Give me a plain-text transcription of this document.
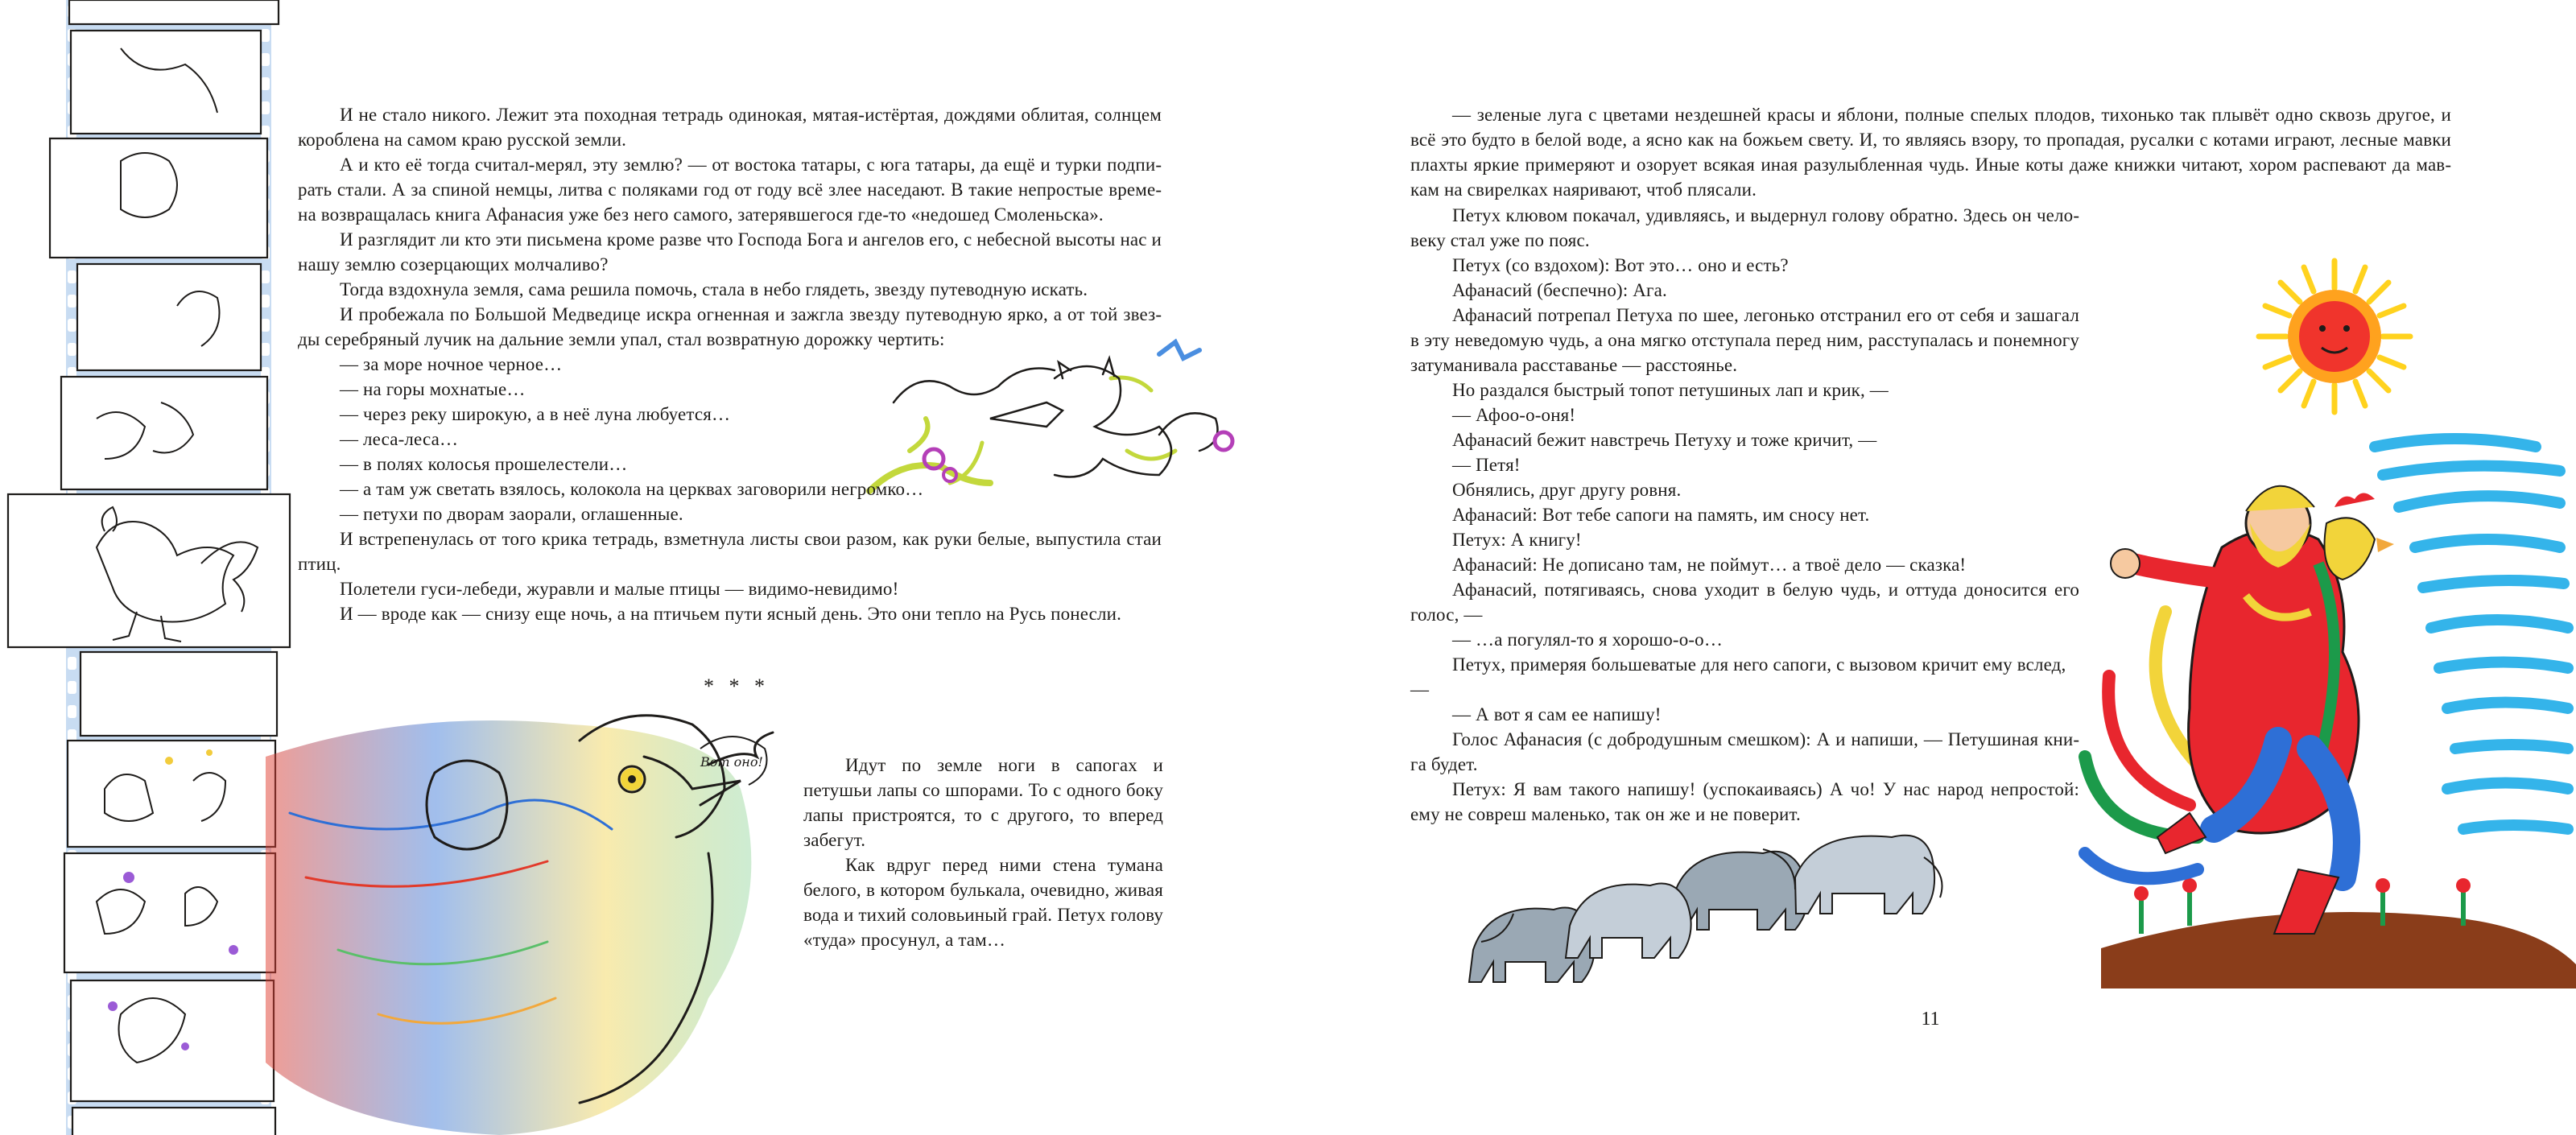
Вот оно!

И не стало никого. Лежит эта походная тетрадь одинокая, мятая-истёртая, дождями облитая, солнцем короблена на самом краю русской земли.

А и кто её тогда считал-мерял, эту землю? — от востока татары, с юга татары, да ещё и турки подпирать стали. А за спиной немцы, литва с поляками год от году всё злее наседают. В такие непростые времена возвращалась книга Афанасия уже без него самого, затерявшегося где-то «недошед Смоленьска».

И разглядит ли кто эти письмена кроме разве что Господа Бога и ангелов его, с небесной высоты нас и нашу землю созерцающих молчаливо?

Тогда вздохнула земля, сама решила помочь, стала в небо глядеть, звезду путеводную искать.

И пробежала по Большой Медведице искра огненная и зажгла звезду путеводную ярко, а от той звезды серебряный лучик на дальние земли упал, стал возвратную дорожку чертить:

— за море ночное черное…

— на горы мохнатые…

— через реку широкую, а в неё луна любуется…

— леса-леса…

— в полях колосья прошелестели…

— а там уж светать взялось, колокола на церквах заговорили негромко…

— петухи по дворам заорали, оглашенные.

И встрепенулась от того крика тетрадь, взметнула листы свои разом, как руки белые, выпустила стаи птиц.

Полетели гуси-лебеди, журавли и малые птицы — видимо-невидимо!

И — вроде как — снизу еще ночь, а на птичьем пути ясный день. Это они тепло на Русь понесли.

* * *

Идут по земле ноги в сапогах и петушьи лапы со шпорами. То с одного боку лапы пристроятся, то с другого, то вперед забегут.

Как вдруг перед ними стена тумана белого, в котором булькала, очевидно, живая вода и тихий соловьиный грай. Петух голову «туда» просунул, а там…

— зеленые луга с цветами нездешней красы и яблони, полные спелых плодов, тихонько так плывёт одно сквозь другое, и всё это будто в белой воде, а ясно как на божьем свету. И, то являясь взору, то пропадая, русалки с котами играют, лесные мавки плахты яркие примеряют и озорует всякая иная разулыбленная чудь. Иные коты даже книжки читают, хором распевают да мавкам на свирелках наяривают, чтоб плясали.

Петух клювом покачал, удивляясь, и выдернул голову обратно. Здесь он человеку стал уже по пояс.

Петух (со вздохом): Вот это… оно и есть?

Афанасий (беспечно): Ага.

Афанасий потрепал Петуха по шее, легонько отстранил его от себя и зашaгал в эту неведомую чудь, а она мягко отступала перед ним, расступалась и понемногу затуманивала расставанье — расстоянье.

Но раздался быстрый топот петушиных лап и крик, —

— Афоо-о-оня!

Афанасий бежит навстречь Петуху и тоже кричит, —

— Петя!

Обнялись, друг другу ровня.

Афанасий: Вот тебе сапоги на память, им сносу нет.

Петух: А книгу!

Афанасий: Не дописано там, не поймут… а твоё дело — сказка!

Афанасий, потягиваясь, снова уходит в белую чудь, и оттуда доносится его голос, —

— …а погулял-то я хорошо-о-о…

Петух, примеряя большеватые для него сапоги, с вызовом кричит ему вслед, —

— А вот я сам ее напишу!

Голос Афанасия (с добродушным смешком): А и напиши, — Петушиная книга будет.

Петух: Я вам такого напишу! (успокаиваясь) А чо! У нас народ непростой: ему не совреш маленько, так он же и не поверит.

11
